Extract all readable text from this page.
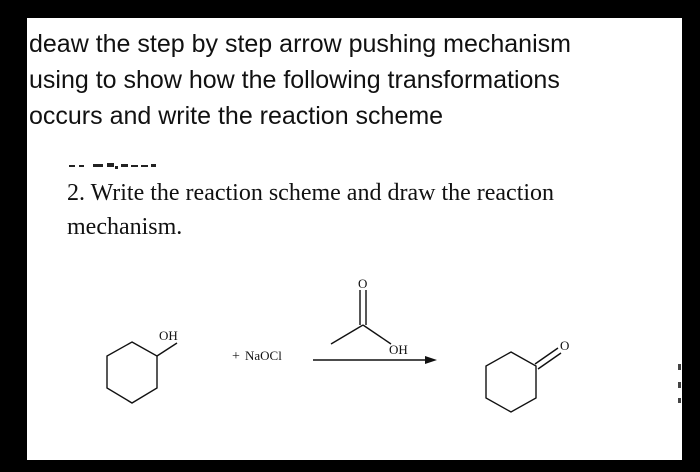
deaw the step by step arrow pushing mechanism
using to show how the following transformations
occurs and write the reaction scheme
2. Write the reaction scheme and draw the reaction
mechanism.
OH
+ NaOCl
O
OH	O
